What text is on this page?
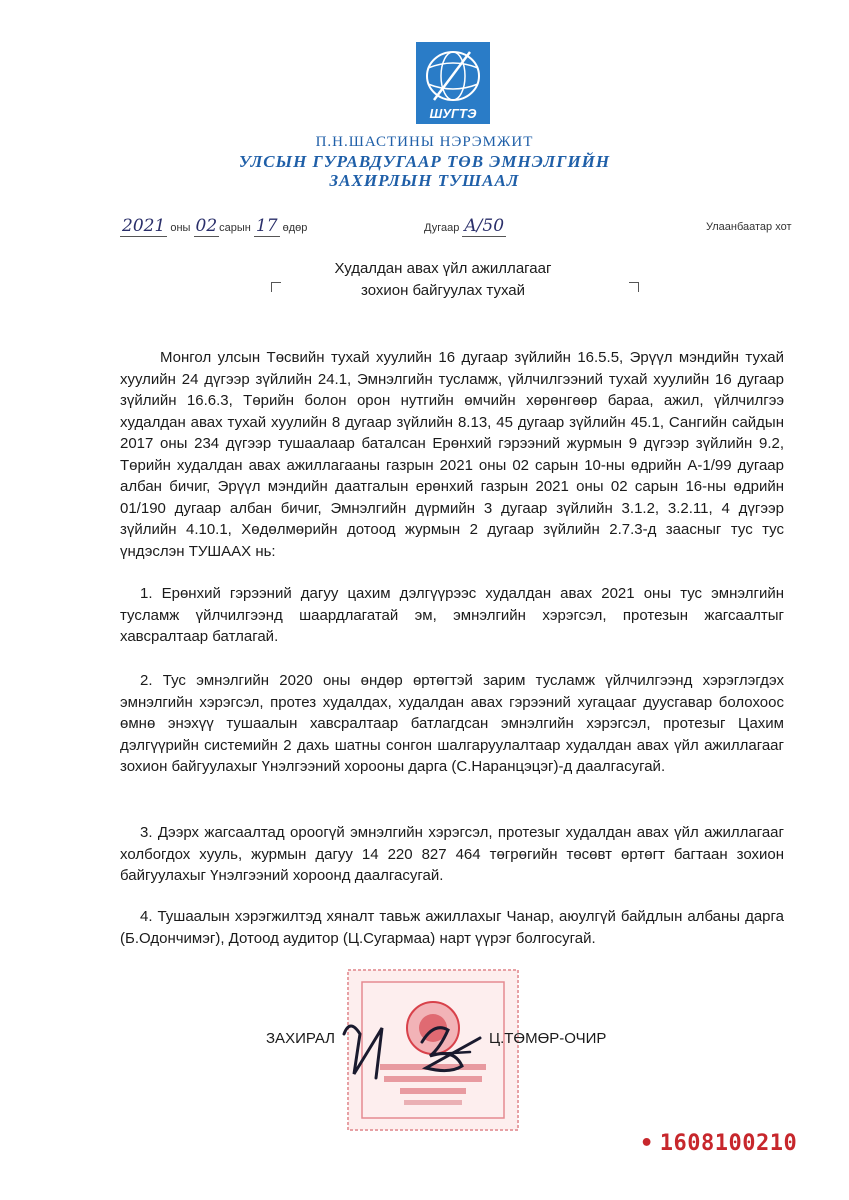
ШУГТЭ
П.Н.ШАСТИНЫ НЭРЭМЖИТ
УЛСЫН ГУРАВДУГААР ТӨВ ЭМНЭЛГИЙН
ЗАХИРЛЫН ТУШААЛ
2021 оны 02 сарын 17 өдөр	Дугаар A/50	Улаанбаатар хот
Худалдан авах үйл ажиллагааг
зохион байгуулах тухай
Монгол улсын Төсвийн тухай хуулийн 16 дугаар зүйлийн 16.5.5, Эрүүл мэндийн тухай хуулийн 24 дүгээр зүйлийн 24.1, Эмнэлгийн тусламж, үйлчилгээний тухай хуулийн 16 дугаар зүйлийн 16.6.3, Төрийн болон орон нутгийн өмчийн хөрөнгөөр бараа, ажил, үйлчилгээ худалдан авах тухай хуулийн 8 дугаар зүйлийн 8.13, 45 дугаар зүйлийн 45.1, Сангийн сайдын 2017 оны 234 дүгээр тушаалаар баталсан Ерөнхий гэрээний журмын 9 дүгээр зүйлийн 9.2, Төрийн худалдан авах ажиллагааны газрын 2021 оны 02 сарын 10-ны өдрийн А-1/99 дугаар албан бичиг, Эрүүл мэндийн даатгалын ерөнхий газрын 2021 оны 02 сарын 16-ны өдрийн 01/190 дугаар албан бичиг, Эмнэлгийн дүрмийн 3 дугаар зүйлийн 3.1.2, 3.2.11, 4 дүгээр зүйлийн 4.10.1, Хөдөлмөрийн дотоод журмын 2 дугаар зүйлийн 2.7.3-д заасныг тус тус үндэслэн ТУШААХ нь:
1. Ерөнхий гэрээний дагуу цахим дэлгүүрээс худалдан авах 2021 оны тус эмнэлгийн тусламж үйлчилгээнд шаардлагатай эм, эмнэлгийн хэрэгсэл, протезын жагсаалтыг хавсралтаар батлагай.
2. Тус эмнэлгийн 2020 оны өндөр өртөгтэй зарим тусламж үйлчилгээнд хэрэглэгдэх эмнэлгийн хэрэгсэл, протез худалдах, худалдан авах гэрээний хугацааг дуусгавар болохоос өмнө энэхүү тушаалын хавсралтаар батлагдсан эмнэлгийн хэрэгсэл, протезыг Цахим дэлгүүрийн системийн 2 дахь шатны сонгон шалгаруулалтаар худалдан авах үйл ажиллагааг зохион байгуулахыг Үнэлгээний хорооны дарга (С.Наранцэцэг)-д даалгасугай.
3. Дээрх жагсаалтад ороогүй эмнэлгийн хэрэгсэл, протезыг худалдан авах үйл ажиллагааг холбогдох хууль, журмын дагуу 14 220 827 464 төгрөгийн төсөвт өртөгт багтаан зохион байгуулахыг Үнэлгээний хороонд даалгасугай.
4. Тушаалын хэрэгжилтэд хяналт тавьж ажиллахыг Чанар, аюулгүй байдлын албаны дарга (Б.Одончимэг), Дотоод аудитор (Ц.Сугармаа) нарт үүрэг болгосугай.
ЗАХИРАЛ	Ц.ТӨМӨР-ОЧИР
• 1608100210
